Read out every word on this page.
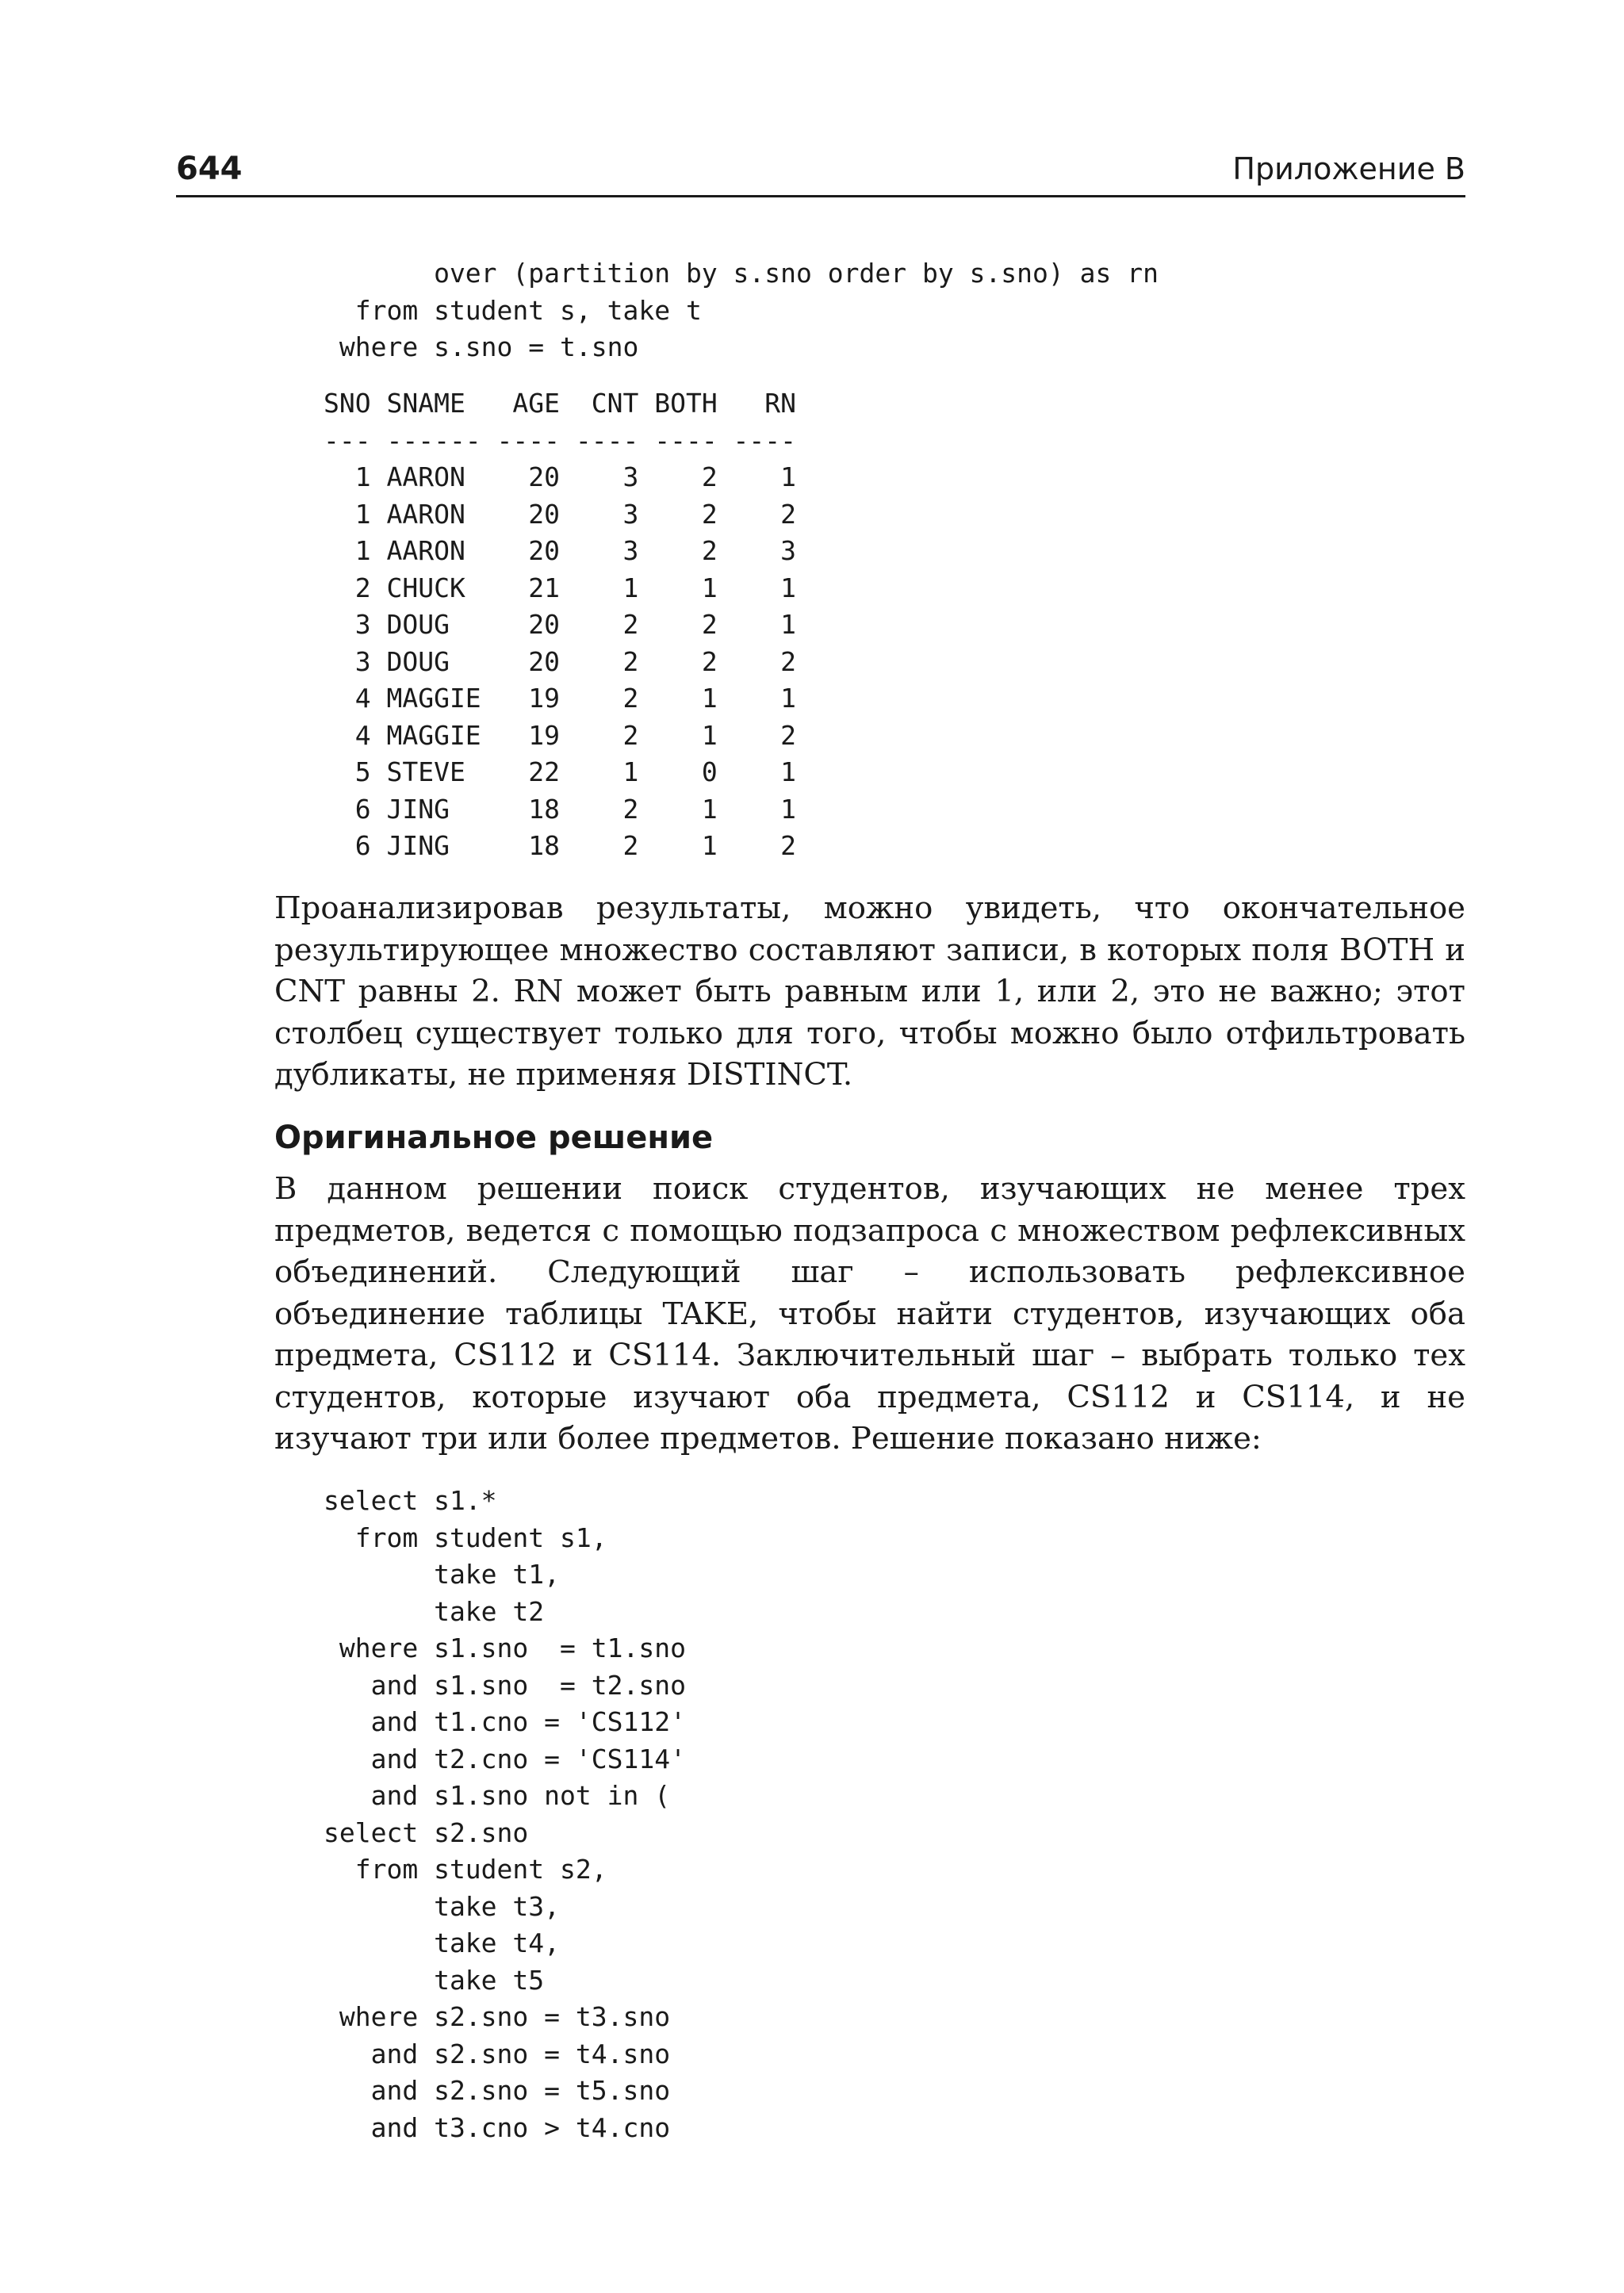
644	Приложение В
over (partition by s.sno order by s.sno) as rn
from student s, take t
where s.sno = t.sno
SNO SNAME   AGE  CNT BOTH   RN
--- ------ ---- ---- ---- ----
1 AARON    20    3    2    1
1 AARON    20    3    2    2
1 AARON    20    3    2    3
2 CHUCK    21    1    1    1
3 DOUG     20    2    2    1
3 DOUG     20    2    2    2
4 MAGGIE   19    2    1    1
4 MAGGIE   19    2    1    2
5 STEVE    22    1    0    1
6 JING     18    2    1    1
6 JING     18    2    1    2

Проанализировав результаты, можно увидеть, что окончательное результирующее множество составляют записи, в которых поля BOTH и CNT равны 2. RN может быть равным или 1, или 2, это не важно; этот столбец существует только для того, чтобы можно было отфильтровать дубликаты, не применяя DISTINCT.

Оригинальное решение

В данном решении поиск студентов, изучающих не менее трех предметов, ведется с помощью подзапроса с множеством рефлексивных объединений. Следующий шаг – использовать рефлексивное объединение таблицы TAKE, чтобы найти студентов, изучающих оба предмета, CS112 и CS114. Заключительный шаг – выбрать только тех студентов, которые изучают оба предмета, CS112 и CS114, и не изучают три или более предметов. Решение показано ниже:

select s1.*
from student s1,
take t1,
take t2
where s1.sno  = t1.sno
and s1.sno  = t2.sno
and t1.cno = 'CS112'
and t2.cno = 'CS114'
and s1.sno not in (
select s2.sno
from student s2,
take t3,
take t4,
take t5
where s2.sno = t3.sno
and s2.sno = t4.sno
and s2.sno = t5.sno
and t3.cno > t4.cno
